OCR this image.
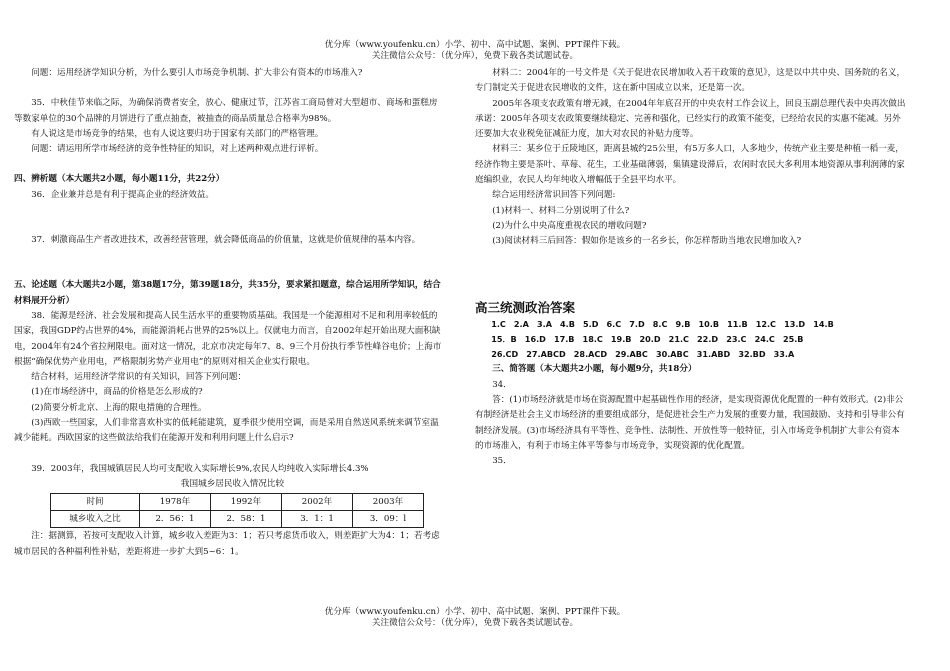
优分库（www.youfenku.cn）小学、初中、高中试题、案例、PPT课件下载。
关注微信公众号：（优分库），免费下载各类试题试卷。

问题：运用经济学知识分析，为什么要引人市场竞争机制、扩大非公有资本的市场准入?

35．中秋佳节来临之际，为确保消费者安全，放心、健康过节，江苏省工商局曾对大型超市、商场和蛋糕房等数家单位的30个品牌的月饼进行了重点抽查，被抽查的商品质量总合格率为98%。

有人说这是市场竞争的结果，也有人说这要归功于国家有关部门的严格管理。

问题：请运用所学市场经济的竞争性特征的知识，对上述两种观点进行评析。

四、辨析题（本大题共2小题，每小题11分，共22分）

36．企业兼并总是有利于提高企业的经济效益。

37．刺激商品生产者改进技术，改善经营管理，就会降低商品的价值量，这就是价值规律的基本内容。

五、论述题（本大题共2小题，第38题17分，第39题18分，共35分，要求紧扣题意，综合运用所学知识，结合材料展开分析）

38．能源是经济、社会发展和提高人民生活水平的重要物质基础。我国是一个能源相对不足和利用率较低的国家，我国GDP约占世界的4%，而能源消耗占世界的25%以上。仅就电力而言，自2002年起开始出现大面积缺电，2004年有24个省拉闸限电。面对这一情况，北京市决定每年7、8、9三个月份执行季节性峰谷电价；上海市根据“确保优势产业用电，严格限制劣势产业用电”的原则对相关企业实行限电。

结合材料，运用经济学常识的有关知识，回答下列问题：

(1)在市场经济中，商品的价格是怎么形成的?

(2)简要分析北京、上海的限电措施的合理性。

(3)西欧一些国家，人们非常喜欢朴实的低耗能建筑，夏季很少使用空调，而是采用自然送风系统来调节室温减少能耗。西欧国家的这些做法给我们在能源开发和利用问题上什么启示?

39．2003年，我国城镇居民人均可支配收入实际增长9%,农民人均纯收入实际增长4.3%

我国城乡居民收入情况比较

时间	1978年	1992年	2002年	2003年
城乡收入之比	2．56：1	2．58：1	3．1：1	3．09：l

注：据测算，若按可支配收入计算，城乡收入差距为3：1；若只考虑货币收入，则差距扩大为4：1；若考虑城市居民的各种福利性补贴，差距将进一步扩大到5~6：1。

材料二：2004年的一号文件是《关于促进农民增加收入若干政策的意见》，这是以中共中央、国务院的名义，专门制定关于促进农民增收的文件，这在新中国成立以来，还是第一次。

2005年各项支农政策有增无减，在2004年年底召开的中央农村工作会议上，回良玉副总理代表中央再次做出承诺：2005年各项支农政策要继续稳定、完善和强化，已经实行的政策不能变，已经给农民的实惠不能减。另外还要加大农业税免征减征力度，加大对农民的补贴力度等。

材料三：某乡位于丘陵地区，距离县城约25公里，有5万多人口，人多地少，传统产业主要是种植一稻一麦，经济作物主要是茶叶、草莓、花生，工业基础薄弱，集镇建设滞后，农闲时农民大多利用本地资源从事利润薄的家庭编织业，农民人均年纯收入增幅低于全县平均水平。

综合运用经济常识回答下列问题:

(1)材料一、材料二分别说明了什么?

(2)为什么中央高度重视农民的增收问题?

(3)阅读材料三后回答：假如你是该乡的一名乡长，你怎样帮助当地农民增加收入?

高三统测政治答案

1.C　2.A　3.A　4.B　5.D　6.C　7.D　8.C　9.B　10.B　11.B　12.C　13.D　14.B

15．B　16.D　17.B　18.C　19.B　20.D　21.C　22.D　23.C　24.C　25.B

26.CD　27.ABCD　28.ACD　29.ABC　30.ABC　31.ABD　32.BD　33.A

三、简答题（本大题共2小题，每小题9分，共18分）

34．

答：(1)市场经济就是市场在资源配置中起基础性作用的经济，是实现资源优化配置的一种有效形式。(2)非公有制经济是社会主义市场经济的重要组成部分，是促进社会生产力发展的重要力量，我国鼓励、支持和引导非公有制经济发展。(3)市场经济具有平等性、竞争性、法制性、开放性等一般特征，引入市场竞争机制扩大非公有资本的市场准入，有利于市场主体平等参与市场竞争，实现资源的优化配置。

35．

优分库（www.youfenku.cn）小学、初中、高中试题、案例、PPT课件下载。
关注微信公众号：（优分库），免费下载各类试题试卷。
